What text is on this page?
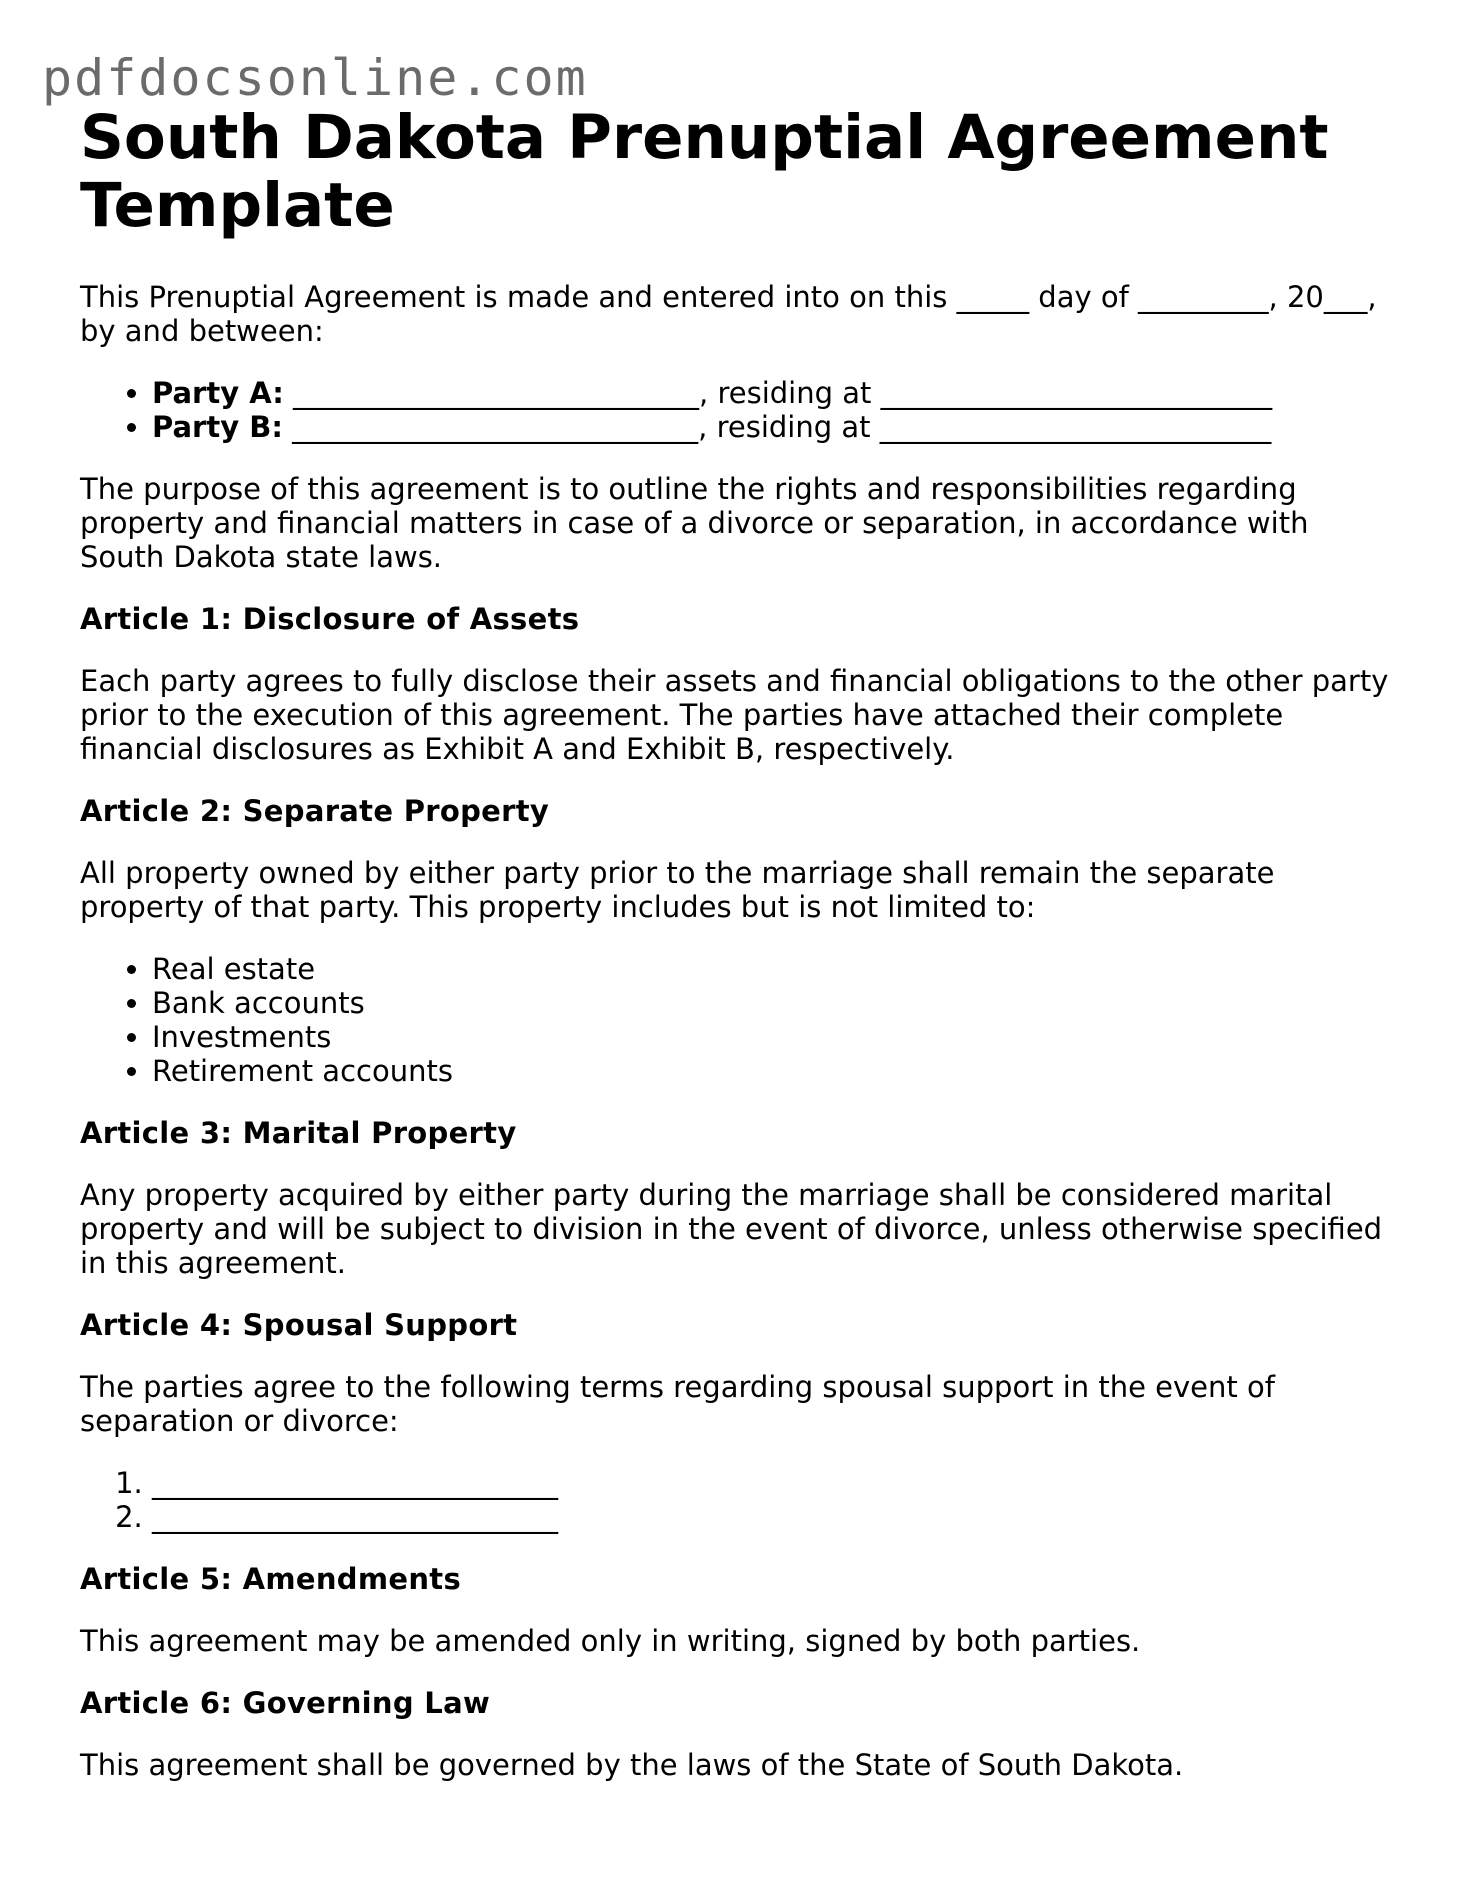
pdfdocsonline.com
South Dakota Prenuptial Agreement Template

This Prenuptial Agreement is made and entered into on this _____ day of _________, 20___, by and between:

• Party A: ____________________________, residing at ___________________________
• Party B: ____________________________, residing at ___________________________

The purpose of this agreement is to outline the rights and responsibilities regarding property and financial matters in case of a divorce or separation, in accordance with South Dakota state laws.

Article 1: Disclosure of Assets

Each party agrees to fully disclose their assets and financial obligations to the other party prior to the execution of this agreement. The parties have attached their complete financial disclosures as Exhibit A and Exhibit B, respectively.

Article 2: Separate Property

All property owned by either party prior to the marriage shall remain the separate property of that party. This property includes but is not limited to:

• Real estate
• Bank accounts
• Investments
• Retirement accounts
Article 3: Marital Property

Any property acquired by either party during the marriage shall be considered marital property and will be subject to division in the event of divorce, unless otherwise specified in this agreement.

Article 4: Spousal Support

The parties agree to the following terms regarding spousal support in the event of separation or divorce:

1. ____________________________
2. ____________________________
Article 5: Amendments

This agreement may be amended only in writing, signed by both parties.

Article 6: Governing Law

This agreement shall be governed by the laws of the State of South Dakota.
